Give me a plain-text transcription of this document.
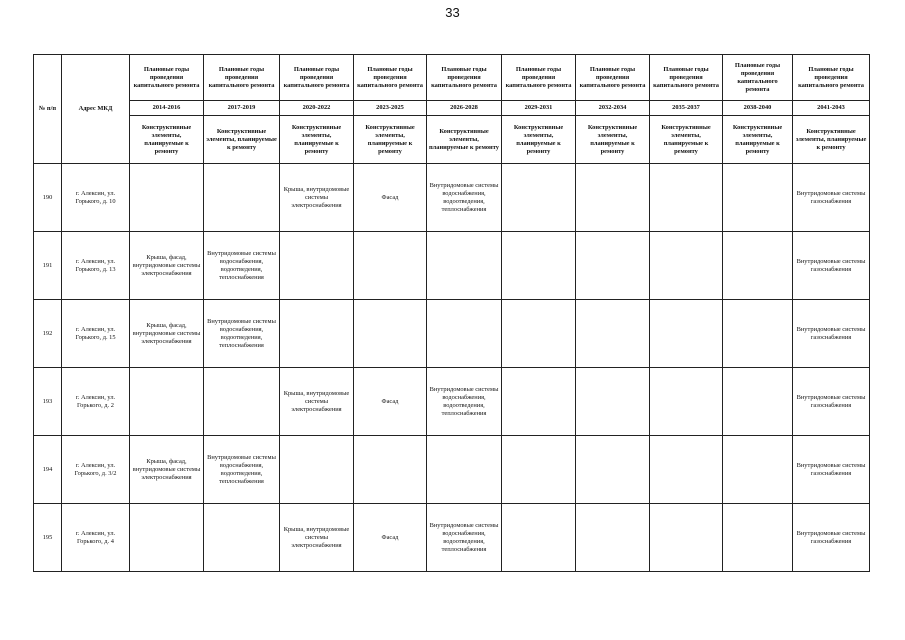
33
№ п/п	Адрес МКД	Плановые годы проведения капитального ремонта	Плановые годы проведения капитального ремонта	Плановые годы проведения капитального ремонта	Плановые годы проведения капитального ремонта	Плановые годы проведения капитального ремонта	Плановые годы проведения капитального ремонта	Плановые годы проведения капитального ремонта	Плановые годы проведения капитального ремонта	Плановые годы проведения капитального ремонта	Плановые годы проведения капитального ремонта
		2014-2016	2017-2019	2020-2022	2023-2025	2026-2028	2029-2031	2032-2034	2035-2037	2038-2040	2041-2043
		Конструктивные элементы, планируемые к ремонту	Конструктивные элементы, планируемые к ремонту	Конструктивные элементы, планируемые к ремонту	Конструктивные элементы, планируемые к ремонту	Конструктивные элементы, планируемые к ремонту	Конструктивные элементы, планируемые к ремонту	Конструктивные элементы, планируемые к ремонту	Конструктивные элементы, планируемые к ремонту	Конструктивные элементы, планируемые к ремонту	Конструктивные элементы, планируемые к ремонту
190	г. Алексин, ул. Горького, д. 10			Крыша, внутридомовые системы электроснабжения	Фасад	Внутридомовые системы водоснабжения, водоотведения, теплоснабжения					Внутридомовые системы газоснабжения
191	г. Алексин, ул. Горького, д. 13	Крыша, фасад, внутридомовые системы электроснабжения	Внутридомовые системы водоснабжения, водоотведения, теплоснабжения								Внутридомовые системы газоснабжения
192	г. Алексин, ул. Горького, д. 15	Крыша, фасад, внутридомовые системы электроснабжения	Внутридомовые системы водоснабжения, водоотведения, теплоснабжения								Внутридомовые системы газоснабжения
193	г. Алексин, ул. Горького, д. 2			Крыша, внутридомовые системы электроснабжения	Фасад	Внутридомовые системы водоснабжения, водоотведения, теплоснабжения					Внутридомовые системы газоснабжения
194	г. Алексин, ул. Горького, д. 3/2	Крыша, фасад, внутридомовые системы электроснабжения	Внутридомовые системы водоснабжения, водоотведения, теплоснабжения								Внутридомовые системы газоснабжения
195	г. Алексин, ул. Горького, д. 4			Крыша, внутридомовые системы электроснабжения	Фасад	Внутридомовые системы водоснабжения, водоотведения, теплоснабжения					Внутридомовые системы газоснабжения
